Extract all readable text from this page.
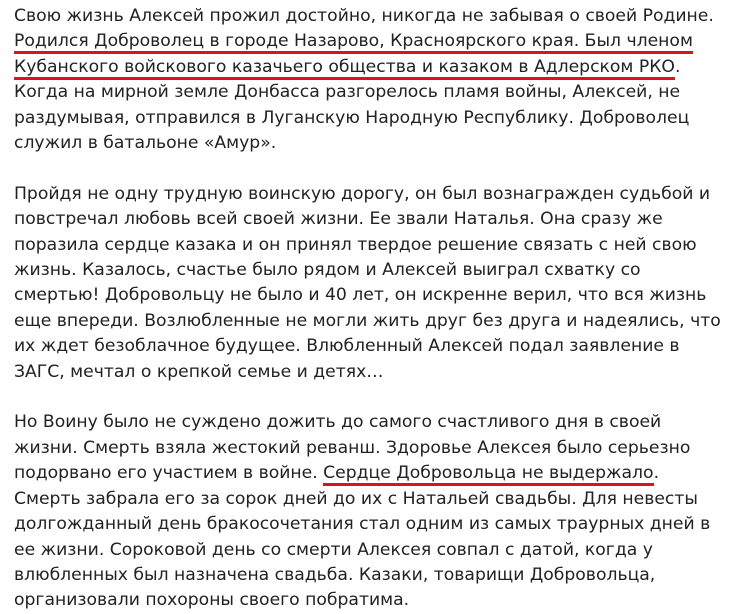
Свою жизнь Алексей прожил достойно, никогда не забывая о своей Родине. Родился Доброволец в городе Назарово, Красноярского края. Был членом Кубанского войскового казачьего общества и казаком в Адлерском РКО. Когда на мирной земле Донбасса разгорелось пламя войны, Алексей, не раздумывая, отправился в Луганскую Народную Республику. Доброволец служил в батальоне «Амур».

Пройдя не одну трудную воинскую дорогу, он был вознагражден судьбой и повстречал любовь всей своей жизни. Ее звали Наталья. Она сразу же поразила сердце казака и он принял твердое решение связать с ней свою жизнь. Казалось, счастье было рядом и Алексей выиграл схватку со смертью! Добровольцу не было и 40 лет, он искренне верил, что вся жизнь еще впереди. Возлюбленные не могли жить друг без друга и надеялись, что их ждет безоблачное будущее. Влюбленный Алексей подал заявление в ЗАГС, мечтал о крепкой семье и детях…

Но Воину было не суждено дожить до самого счастливого дня в своей жизни. Смерть взяла жестокий реванш. Здоровье Алексея было серьезно подорвано его участием в войне. Сердце Добровольца не выдержало. Смерть забрала его за сорок дней до их с Натальей свадьбы. Для невесты долгожданный день бракосочетания стал одним из самых траурных дней в ее жизни. Сороковой день со смерти Алексея совпал с датой, когда у влюбленных был назначена свадьба. Казаки, товарищи Добровольца, организовали похороны своего побратима.
